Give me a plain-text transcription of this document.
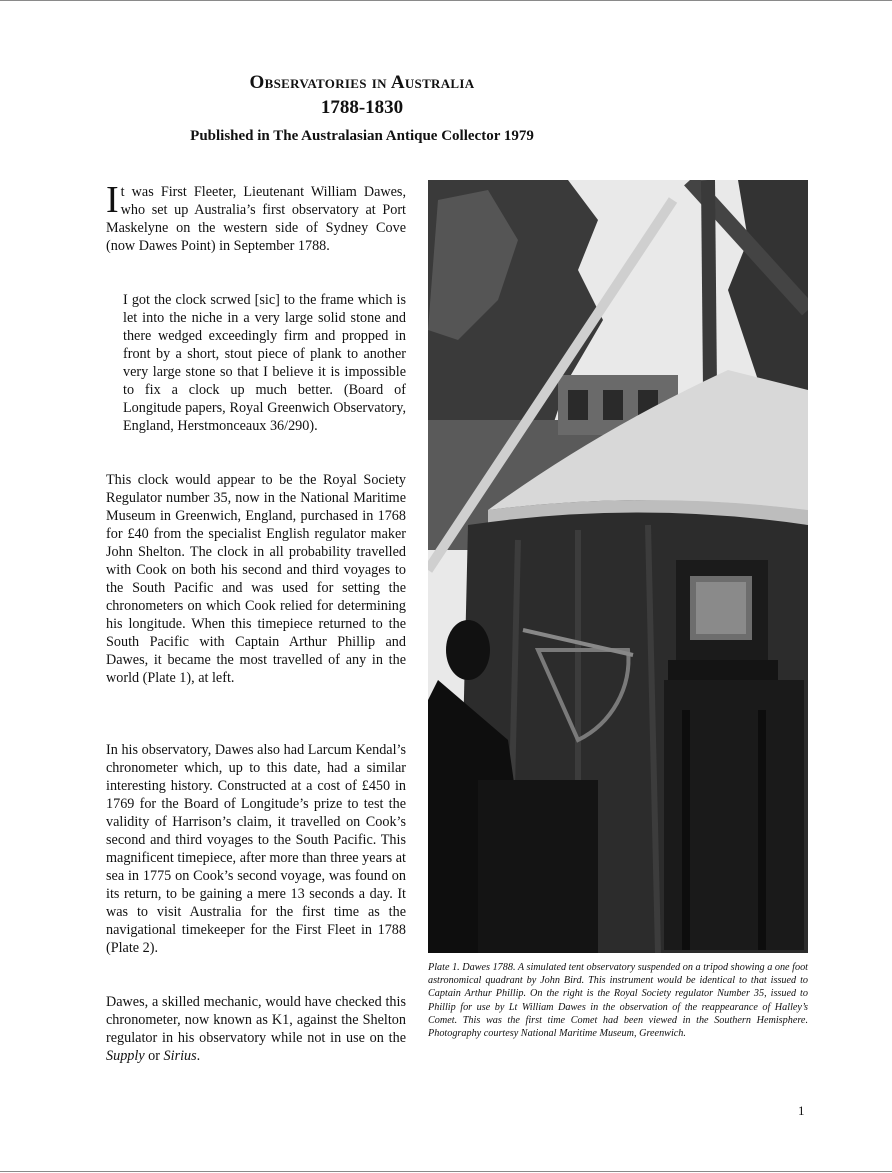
Observatories in Australia
1788-1830
Published in The Australasian Antique Collector 1979

It was First Fleeter, Lieutenant William Dawes, who set up Australia’s first observatory at Port Maskelyne on the western side of Sydney Cove (now Dawes Point) in September 1788.

I got the clock scrwed [sic] to the frame which is let into the niche in a very large solid stone and there wedged exceedingly firm and propped in front by a short, stout piece of plank to another very large stone so that I believe it is impossible to fix a clock up much better. (Board of Longitude papers, Royal Greenwich Observatory, England, Herstmonceaux 36/290).

This clock would appear to be the Royal Society Regulator number 35, now in the National Maritime Museum in Greenwich, England, purchased in 1768 for £40 from the specialist English regulator maker John Shelton. The clock in all probability travelled with Cook on both his second and third voyages to the South Pacific and was used for setting the chronometers on which Cook relied for determining his longitude. When this timepiece returned to the South Pacific with Captain Arthur Phillip and Dawes, it became the most travelled of any in the world (Plate 1), at left.

In his observatory, Dawes also had Larcum Kendal’s chronometer which, up to this date, had a similar interesting history. Constructed at a cost of £450 in 1769 for the Board of Longitude’s prize to test the validity of Harrison’s claim, it travelled on Cook’s second and third voyages to the South Pacific. This magnificent timepiece, after more than three years at sea in 1775 on Cook’s second voyage, was found on its return, to be gaining a mere 13 seconds a day. It was to visit Australia for the first time as the navigational timekeeper for the First Fleet in 1788 (Plate 2).

Dawes, a skilled mechanic, would have checked this chronometer, now known as K1, against the Shelton regulator in his observatory while not in use on the Supply or Sirius.

Plate 1. Dawes 1788. A simulated tent observatory suspended on a tripod showing a one foot astronomical quadrant by John Bird. This instrument would be identical to that issued to Captain Arthur Phillip. On the right is the Royal Society regulator Number 35, issued to Phillip for use by Lt William Dawes in the observation of the reappearance of Halley’s Comet. This was the first time Comet had been viewed in the Southern Hemisphere. Photography courtesy National Maritime Museum, Greenwich.
1
